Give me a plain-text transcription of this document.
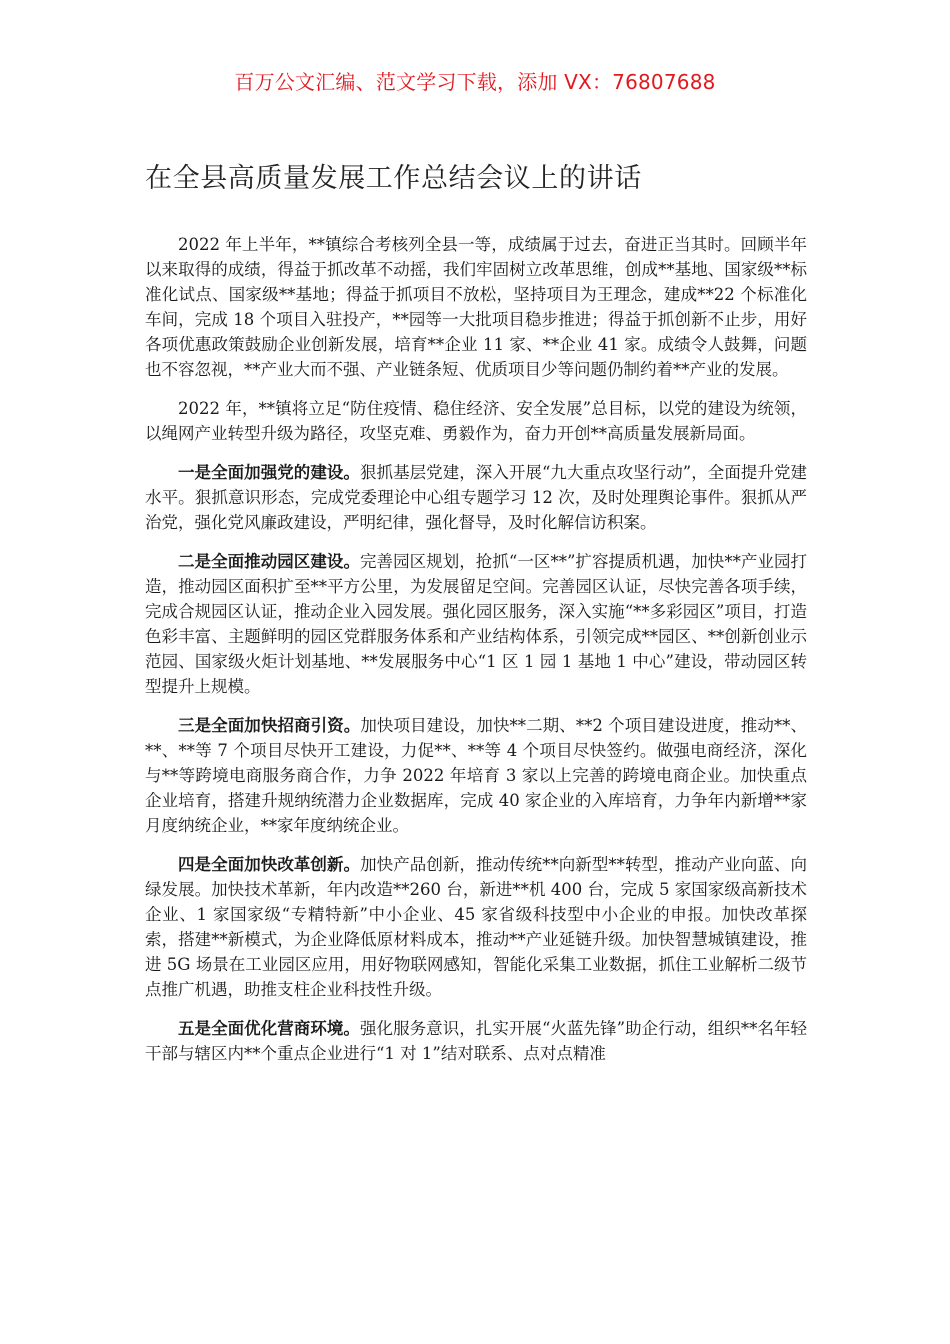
百万公文汇编、范文学习下载，添加 VX：76807688
在全县高质量发展工作总结会议上的讲话

2022 年上半年，**镇综合考核列全县一等，成绩属于过去，奋进正当其时。回顾半年以来取得的成绩，得益于抓改革不动摇，我们牢固树立改革思维，创成**基地、国家级**标准化试点、国家级**基地；得益于抓项目不放松，坚持项目为王理念，建成**22 个标准化车间，完成 18 个项目入驻投产，**园等一大批项目稳步推进；得益于抓创新不止步，用好各项优惠政策鼓励企业创新发展，培育**企业 11 家、**企业 41 家。成绩令人鼓舞，问题也不容忽视，**产业大而不强、产业链条短、优质项目少等问题仍制约着**产业的发展。

2022 年，**镇将立足“防住疫情、稳住经济、安全发展”总目标，以党的建设为统领，以绳网产业转型升级为路径，攻坚克难、勇毅作为，奋力开创**高质量发展新局面。

一是全面加强党的建设。狠抓基层党建，深入开展“九大重点攻坚行动”，全面提升党建水平。狠抓意识形态，完成党委理论中心组专题学习 12 次，及时处理舆论事件。狠抓从严治党，强化党风廉政建设，严明纪律，强化督导，及时化解信访积案。

二是全面推动园区建设。完善园区规划，抢抓“一区**”扩容提质机遇，加快**产业园打造，推动园区面积扩至**平方公里，为发展留足空间。完善园区认证，尽快完善各项手续，完成合规园区认证，推动企业入园发展。强化园区服务，深入实施“**多彩园区”项目，打造色彩丰富、主题鲜明的园区党群服务体系和产业结构体系，引领完成**园区、**创新创业示范园、国家级火炬计划基地、**发展服务中心“1 区 1 园 1 基地 1 中心”建设，带动园区转型提升上规模。

三是全面加快招商引资。加快项目建设，加快**二期、**2 个项目建设进度，推动**、**、**等 7 个项目尽快开工建设，力促**、**等 4 个项目尽快签约。做强电商经济，深化与**等跨境电商服务商合作，力争 2022 年培育 3 家以上完善的跨境电商企业。加快重点企业培育，搭建升规纳统潜力企业数据库，完成 40 家企业的入库培育，力争年内新增**家月度纳统企业，**家年度纳统企业。

四是全面加快改革创新。加快产品创新，推动传统**向新型**转型，推动产业向蓝、向绿发展。加快技术革新，年内改造**260 台，新进**机 400 台，完成 5 家国家级高新技术企业、1 家国家级“专精特新”中小企业、45 家省级科技型中小企业的申报。加快改革探索，搭建**新模式，为企业降低原材料成本，推动**产业延链升级。加快智慧城镇建设，推进 5G 场景在工业园区应用，用好物联网感知，智能化采集工业数据，抓住工业解析二级节点推广机遇，助推支柱企业科技性升级。

五是全面优化营商环境。强化服务意识，扎实开展“火蓝先锋”助企行动，组织**名年轻干部与辖区内**个重点企业进行“1 对 1”结对联系、点对点精准
